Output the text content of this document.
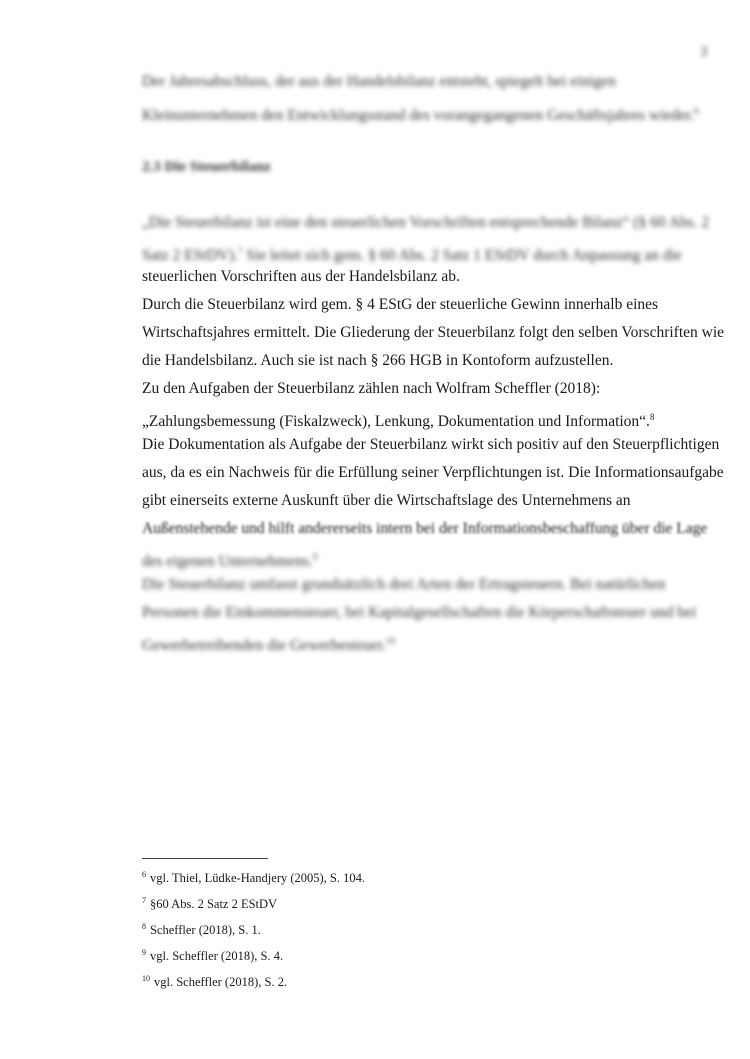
3
Der Jahresabschluss, der aus der Handelsbilanz entsteht, spiegelt bei einigen
Kleinunternehmen den Entwicklungsstand des vorangegangenen Geschäftsjahres wieder.$^6$
2.3 Die Steuerbilanz
„Die Steuerbilanz ist eine den steuerlichen Vorschriften entsprechende Bilanz“ (§ 60 Abs. 2
Satz 2 EStDV).$^7$ Sie leitet sich gem. § 60 Abs. 2 Satz 1 EStDV durch Anpassung an die
steuerlichen Vorschriften aus der Handelsbilanz ab.
Durch die Steuerbilanz wird gem. § 4 EStG der steuerliche Gewinn innerhalb eines
Wirtschaftsjahres ermittelt. Die Gliederung der Steuerbilanz folgt den selben Vorschriften wie
die Handelsbilanz. Auch sie ist nach § 266 HGB in Kontoform aufzustellen.
Zu den Aufgaben der Steuerbilanz zählen nach Wolfram Scheffler (2018):
„Zahlungsbemessung (Fiskalzweck), Lenkung, Dokumentation und Information“.$^8$
Die Dokumentation als Aufgabe der Steuerbilanz wirkt sich positiv auf den Steuerpflichtigen
aus, da es ein Nachweis für die Erfüllung seiner Verpflichtungen ist. Die Informationsaufgabe
gibt einerseits externe Auskunft über die Wirtschaftslage des Unternehmens an
Außenstehende und hilft andererseits intern bei der Informationsbeschaffung über die Lage
des eigenen Unternehmens.$^9$
Die Steuerbilanz umfasst grundsätzlich drei Arten der Ertragsteuern. Bei natürlichen
Personen die Einkommensteuer, bei Kapitalgesellschaften die Körperschaftsteuer und bei
Gewerbetreibenden die Gewerbesteuer.$^{10}$
$^6$ vgl. Thiel, Lüdke-Handjery (2005), S. 104.
$^7$ §60 Abs. 2 Satz 2 EStDV
$^8$ Scheffler (2018), S. 1.
$^9$ vgl. Scheffler (2018), S. 4.
$^{10}$ vgl. Scheffler (2018), S. 2.
